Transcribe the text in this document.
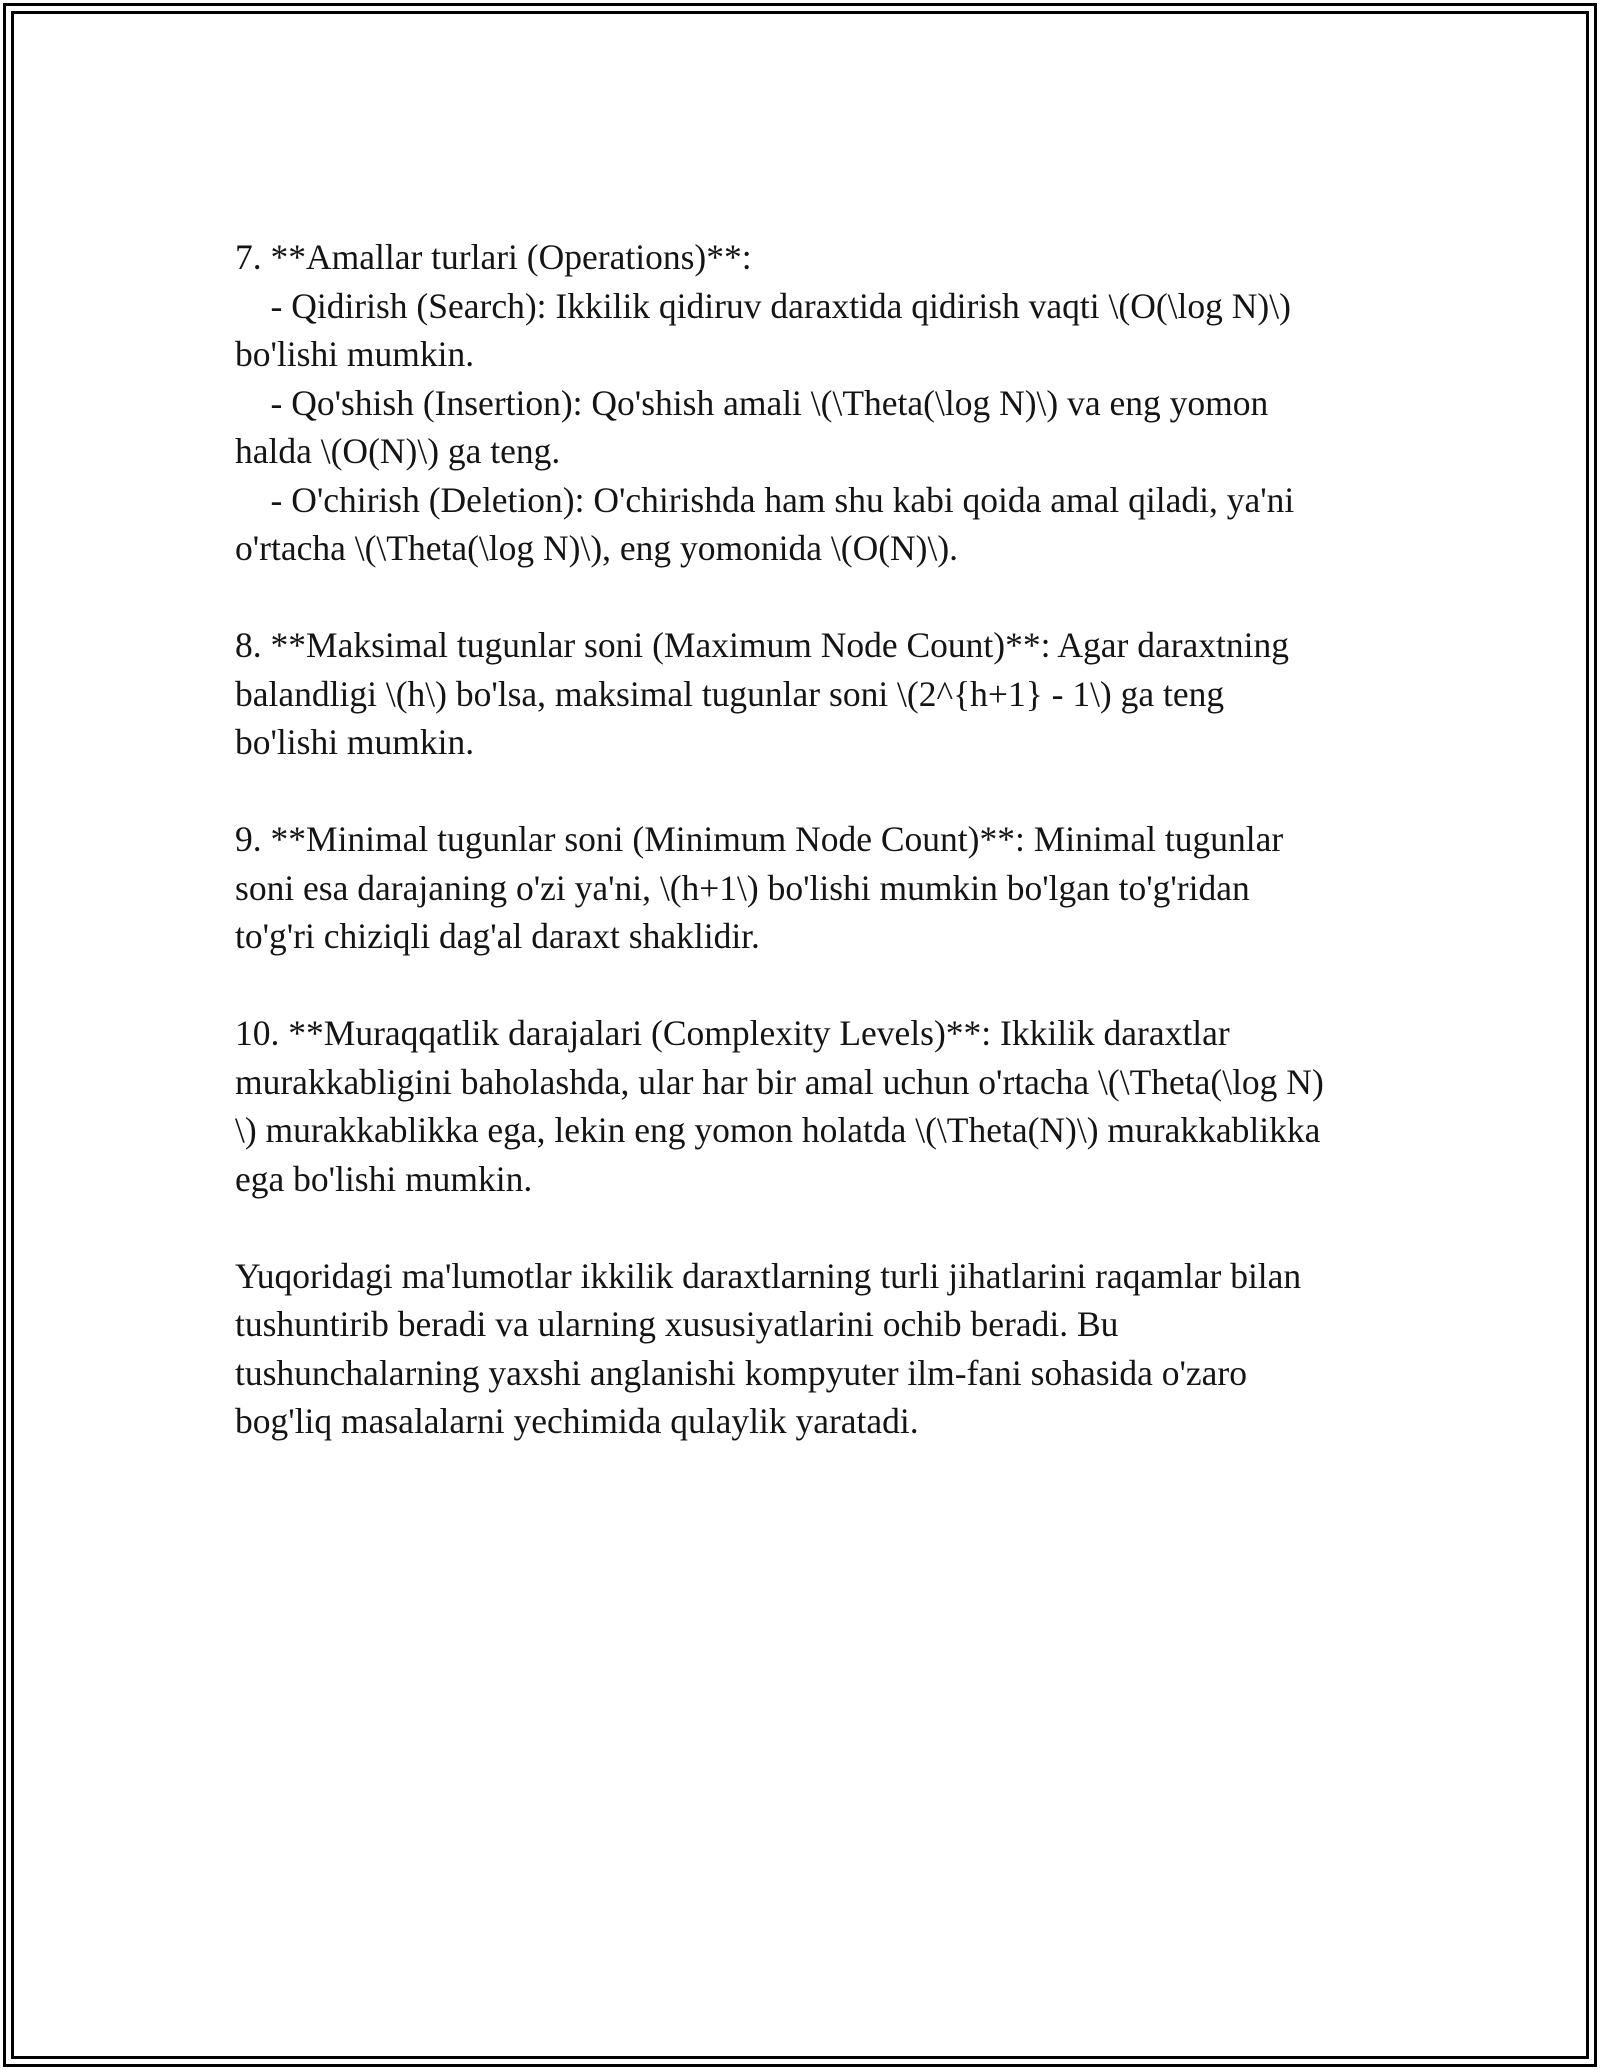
7. **Amallar turlari (Operations)**:
- Qidirish (Search): Ikkilik qidiruv daraxtida qidirish vaqti \(O(\log N)\)
bo'lishi mumkin.
- Qo'shish (Insertion): Qo'shish amali \(\Theta(\log N)\) va eng yomon
halda \(O(N)\) ga teng.
- O'chirish (Deletion): O'chirishda ham shu kabi qoida amal qiladi, ya'ni
o'rtacha \(\Theta(\log N)\), eng yomonida \(O(N)\).
8. **Maksimal tugunlar soni (Maximum Node Count)**: Agar daraxtning
balandligi \(h\) bo'lsa, maksimal tugunlar soni \(2^{h+1} - 1\) ga teng
bo'lishi mumkin.
9. **Minimal tugunlar soni (Minimum Node Count)**: Minimal tugunlar
soni esa darajaning o'zi ya'ni, \(h+1\) bo'lishi mumkin bo'lgan to'g'ridan
to'g'ri chiziqli dag'al daraxt shaklidir.
10. **Muraqqatlik darajalari (Complexity Levels)**: Ikkilik daraxtlar
murakkabligini baholashda, ular har bir amal uchun o'rtacha \(\Theta(\log N)
\) murakkablikka ega, lekin eng yomon holatda \(\Theta(N)\) murakkablikka
ega bo'lishi mumkin.
Yuqoridagi ma'lumotlar ikkilik daraxtlarning turli jihatlarini raqamlar bilan
tushuntirib beradi va ularning xususiyatlarini ochib beradi. Bu
tushunchalarning yaxshi anglanishi kompyuter ilm-fani sohasida o'zaro
bog'liq masalalarni yechimida qulaylik yaratadi.
